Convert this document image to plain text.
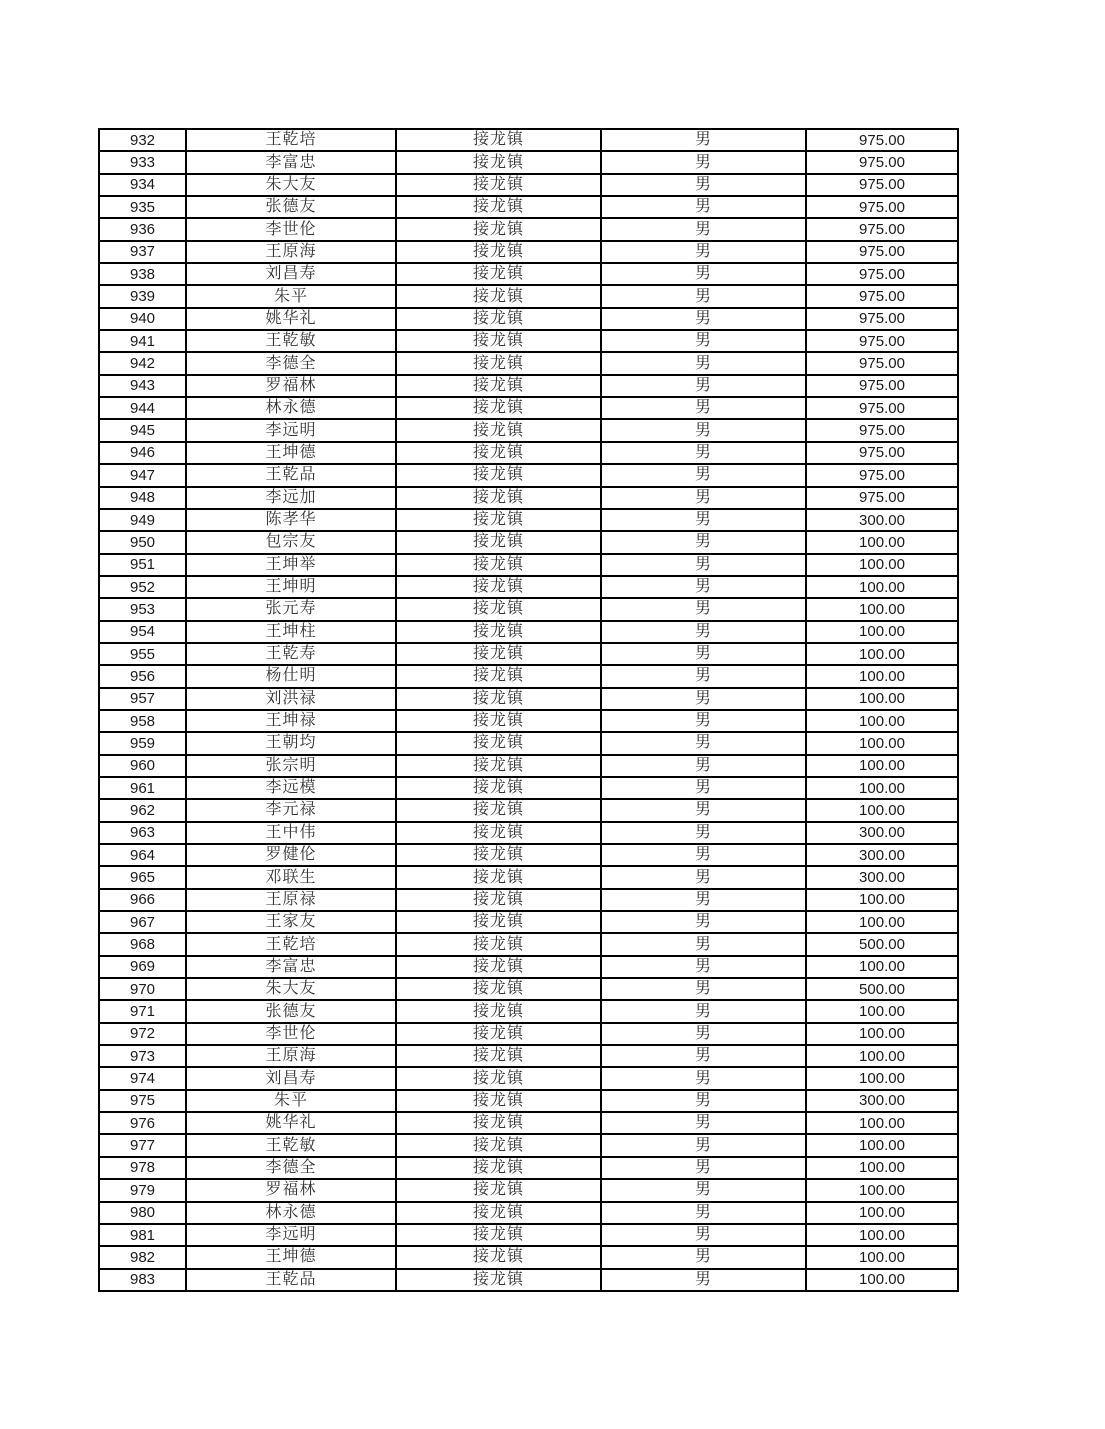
932	王乾培	接龙镇	男	975.00
933	李富忠	接龙镇	男	975.00
934	朱大友	接龙镇	男	975.00
935	张德友	接龙镇	男	975.00
936	李世伦	接龙镇	男	975.00
937	王原海	接龙镇	男	975.00
938	刘昌寿	接龙镇	男	975.00
939	朱平	接龙镇	男	975.00
940	姚华礼	接龙镇	男	975.00
941	王乾敏	接龙镇	男	975.00
942	李德全	接龙镇	男	975.00
943	罗福林	接龙镇	男	975.00
944	林永德	接龙镇	男	975.00
945	李远明	接龙镇	男	975.00
946	王坤德	接龙镇	男	975.00
947	王乾品	接龙镇	男	975.00
948	李远加	接龙镇	男	975.00
949	陈孝华	接龙镇	男	300.00
950	包宗友	接龙镇	男	100.00
951	王坤举	接龙镇	男	100.00
952	王坤明	接龙镇	男	100.00
953	张元寿	接龙镇	男	100.00
954	王坤柱	接龙镇	男	100.00
955	王乾寿	接龙镇	男	100.00
956	杨仕明	接龙镇	男	100.00
957	刘洪禄	接龙镇	男	100.00
958	王坤禄	接龙镇	男	100.00
959	王朝均	接龙镇	男	100.00
960	张宗明	接龙镇	男	100.00
961	李远模	接龙镇	男	100.00
962	李元禄	接龙镇	男	100.00
963	王中伟	接龙镇	男	300.00
964	罗健伦	接龙镇	男	300.00
965	邓联生	接龙镇	男	300.00
966	王原禄	接龙镇	男	100.00
967	王家友	接龙镇	男	100.00
968	王乾培	接龙镇	男	500.00
969	李富忠	接龙镇	男	100.00
970	朱大友	接龙镇	男	500.00
971	张德友	接龙镇	男	100.00
972	李世伦	接龙镇	男	100.00
973	王原海	接龙镇	男	100.00
974	刘昌寿	接龙镇	男	100.00
975	朱平	接龙镇	男	300.00
976	姚华礼	接龙镇	男	100.00
977	王乾敏	接龙镇	男	100.00
978	李德全	接龙镇	男	100.00
979	罗福林	接龙镇	男	100.00
980	林永德	接龙镇	男	100.00
981	李远明	接龙镇	男	100.00
982	王坤德	接龙镇	男	100.00
983	王乾品	接龙镇	男	100.00
